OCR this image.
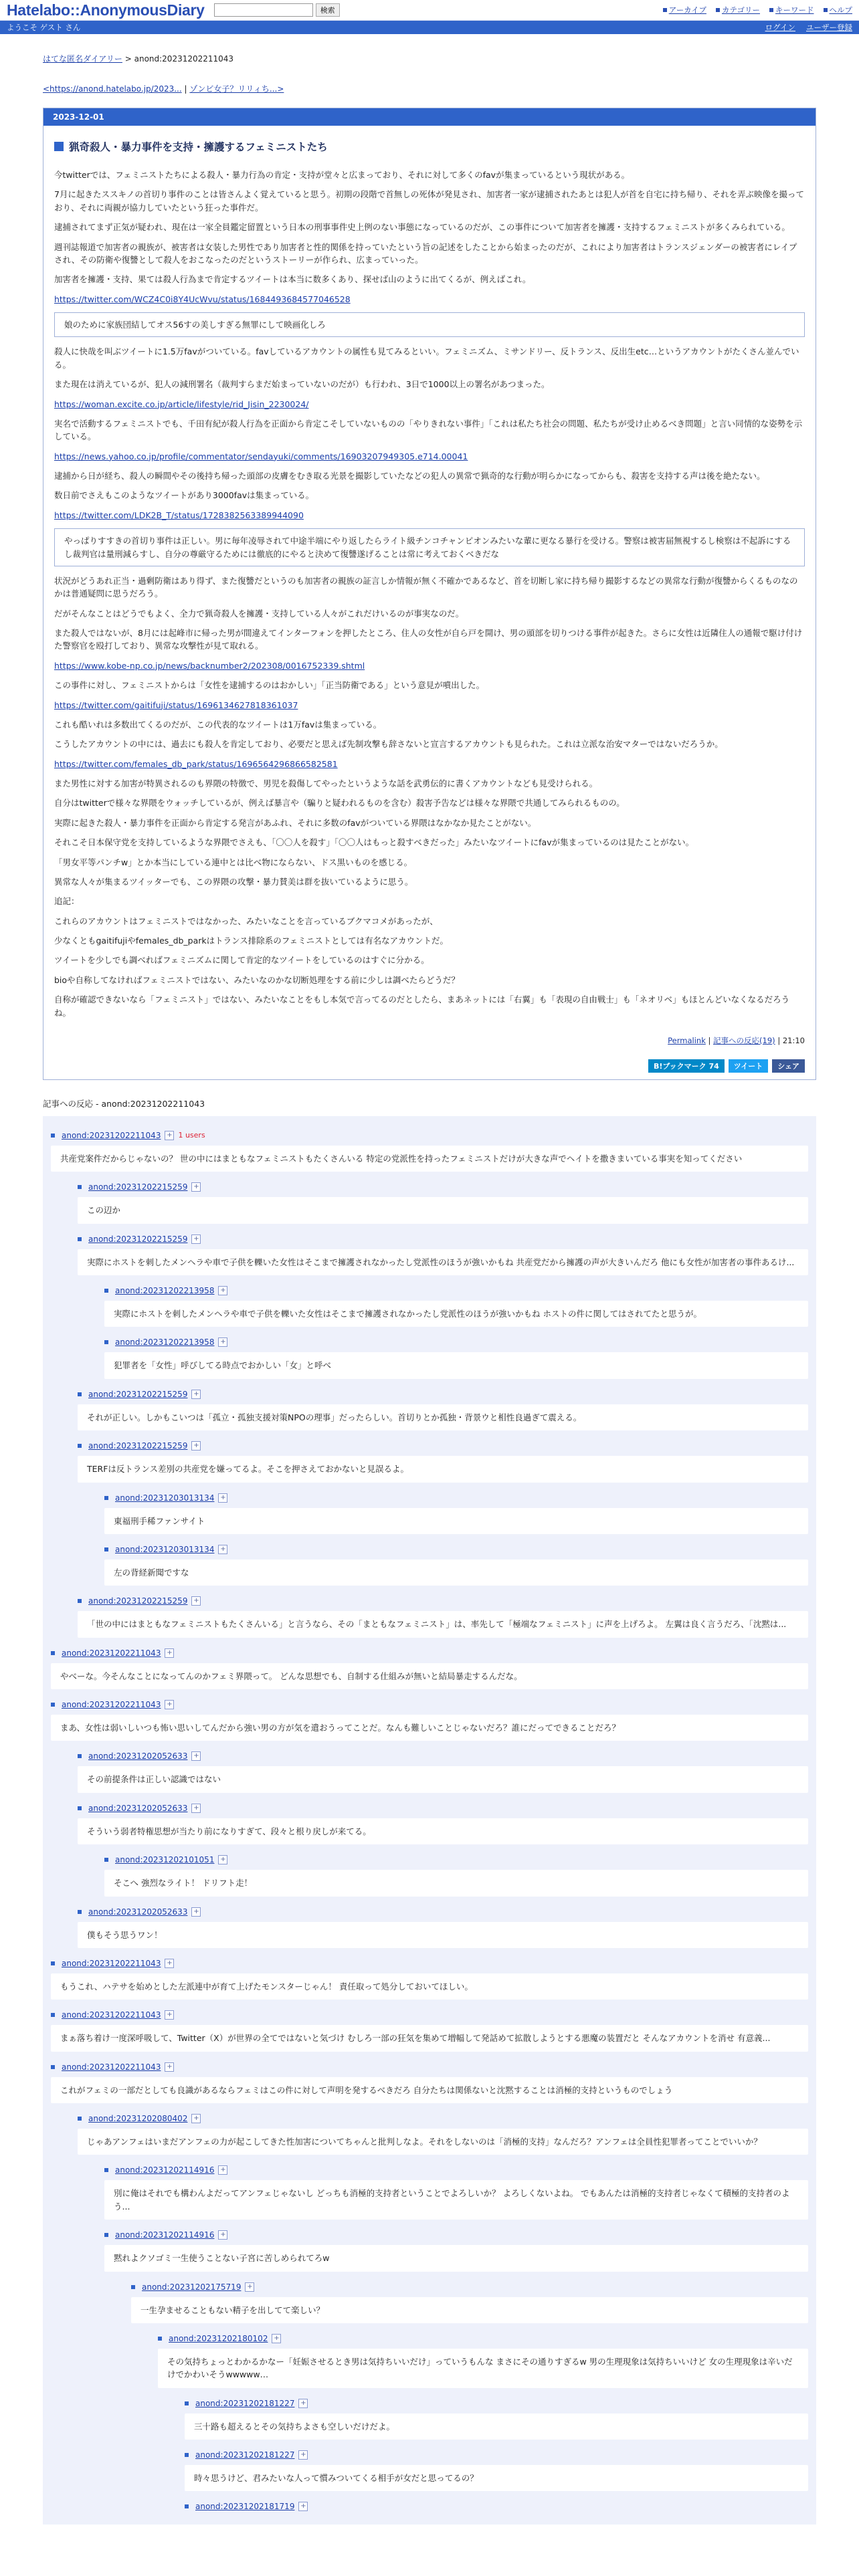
Hatelabo::AnonymousDiary	検索	アーカイブ カテゴリー キーワード ヘルプ
ようこそ ゲスト さん	ログイン ユーザー登録
はてな匿名ダイアリー > anond:20231202211043
<https://anond.hatelabo.jp/2023... | ゾンビ女子？リリィち...>
2023-12-01
猟奇殺人・暴力事件を支持・擁護するフェミニストたち

今twitterでは、フェミニストたちによる殺人・暴力行為の肯定・支持が堂々と広まっており、それに対して多くのfavが集まっているという現状がある。

7月に起きたススキノの首切り事件のことは皆さんよく覚えていると思う。初期の段階で首無しの死体が発見され、加害者一家が逮捕されたあとは犯人が首を自宅に持ち帰り、それを弄ぶ映像を撮っており、それに両親が協力していたという狂った事件だ。

逮捕されてまず正気が疑われ、現在は一家全員鑑定留置という日本の刑事事件史上例のない事態になっているのだが、この事件について加害者を擁護・支持するフェミニストが多くみられている。

週刊誌報道で加害者の親族が、被害者は女装した男性であり加害者と性的関係を持っていたという旨の記述をしたことから始まったのだが、これにより加害者はトランスジェンダーの被害者にレイプされ、その防衛や復讐として殺人をおこなったのだというストーリーが作られ、広まっていった。

加害者を擁護・支持、果ては殺人行為まで肯定するツイートは本当に数多くあり、探せば山のように出てくるが、例えばこれ。

https://twitter.com/WCZ4C0i8Y4UcWvu/status/1684493684577046528

娘のために家族団結してオス56すの美しすぎる無罪にして映画化しろ

殺人に快哉を叫ぶツイートに1.5万favがついている。favしているアカウントの属性も見てみるといい。フェミニズム、ミサンドリー、反トランス、反出生etc…というアカウントがたくさん並んでいる。

また現在は消えているが、犯人の減刑署名（裁判すらまだ始まっていないのだが）も行われ、3日で1000以上の署名があつまった。

https://woman.excite.co.jp/article/lifestyle/rid_Jisin_2230024/

実名で活動するフェミニストでも、千田有紀が殺人行為を正面から肯定こそしていないものの「やりきれない事件」「これは私たち社会の問題、私たちが受け止めるべき問題」と言い同情的な姿勢を示している。

https://news.yahoo.co.jp/profile/commentator/sendayuki/comments/16903207949305.e714.00041

逮捕から日が経ち、殺人の瞬間やその後持ち帰った頭部の皮膚をむき取る光景を撮影していたなどの犯人の異常で猟奇的な行動が明らかになってからも、殺害を支持する声は後を絶たない。

数日前でさえもこのようなツイートがあり3000favは集まっている。

https://twitter.com/LDK2B_T/status/1728382563389944090

やっぱりすすきの首切り事件は正しい。男に毎年凌辱されて中途半端にやり返したらライト級チンコチャンピオンみたいな輩に更なる暴行を受ける。警察は被害届無視するし検察は不起訴にするし裁判官は量刑減らすし、自分の尊厳守るためには徹底的にやると決めて復讐遂げることは常に考えておくべきだな

状況がどうあれ正当・過剰防衛はあり得ず、また復讐だというのも加害者の親族の証言しか情報が無く不確かであるなど、首を切断し家に持ち帰り撮影するなどの異常な行動が復讐からくるものなのかは普通疑問に思うだろう。

だがそんなことはどうでもよく、全力で猟奇殺人を擁護・支持している人々がこれだけいるのが事実なのだ。

また殺人ではないが、8月には起峰市に帰った男が間違えてインターフォンを押したところ、住人の女性が自ら戸を開け、男の頭部を切りつける事件が起きた。さらに女性は近隣住人の通報で駆け付けた警察官を殴打しており、異常な攻撃性が見て取れる。

https://www.kobe-np.co.jp/news/backnumber2/202308/0016752339.shtml

この事件に対し、フェミニストからは「女性を逮捕するのはおかしい」「正当防衛である」という意見が噴出した。

https://twitter.com/gaitifuji/status/1696134627818361037

これも酷いれは多数出てくるのだが、この代表的なツイートは1万favは集まっている。

こうしたアカウントの中には、過去にも殺人を肯定しており、必要だと思えば先制攻撃も辞さないと宣言するアカウントも見られた。これは立派な治安マターではないだろうか。

https://twitter.com/females_db_park/status/1696564296866582581

また男性に対する加害が特異されるのも界隈の特徴で、男児を殺傷してやったというような話を武勇伝的に書くアカウントなども見受けられる。

自分はtwitterで様々な界隈をウォッチしているが、例えば暴言や（騙りと疑われるものを含む）殺害予告などは様々な界隈で共通してみられるものの。

実際に起きた殺人・暴力事件を正面から肯定する発言があふれ、それに多数のfavがついている界隈はなかなか見たことがない。

それこそ日本保守党を支持しているような界隈でさえも、「〇〇人を殺す」「〇〇人はもっと殺すべきだった」みたいなツイートにfavが集まっているのは見たことがない。

「男女平等パンチw」とか本当にしている連中とは比べ物にならない、ドス黒いものを感じる。

異常な人々が集まるツイッターでも、この界隈の攻撃・暴力賛美は群を抜いているように思う。

追記：

これらのアカウントはフェミニストではなかった、みたいなことを言っているブクマコメがあったが、

少なくともgaitifujiやfemales_db_parkはトランス排除系のフェミニストとしては有名なアカウントだ。

ツイートを少しでも調べればフェミニズムに関して肯定的なツイートをしているのはすぐに分かる。

bioや自称してなければフェミニストではない、みたいなのかな切断処理をする前に少しは調べたらどうだ？

自称が確認できないなら「フェミニスト」ではない、みたいなことをもし本気で言ってるのだとしたら、まあネットには「右翼」も「表現の自由戦士」も「ネオリベ」もほとんどいなくなるだろうね。

Permalink | 記事への反応(19) | 21:10
B!ブックマーク 74	ツイート	シェア
記事への反応 - anond:20231202211043
anond:20231202211043 + 1 users
共産党案件だからじゃないの？ 世の中にはまともなフェミニストもたくさんいる 特定の党派性を持ったフェミニストだけが大きな声でヘイトを撒きまいている事実を知ってください
anond:20231202215259 +
この辺か
anond:20231202215259 +
実際にホストを刺したメンヘラや車で子供を轢いた女性はそこまで擁護されなかったし党派性のほうが強いかもね 共産党だから擁護の声が大きいんだろ 他にも女性が加害者の事件あるけ...
anond:20231202213958 +
実際にホストを刺したメンヘラや車で子供を轢いた女性はそこまで擁護されなかったし党派性のほうが強いかもね ホストの件に関してはされてたと思うが。
anond:20231202213958 +
犯罪者を「女性」呼びしてる時点でおかしい「女」と呼べ
anond:20231202215259 +
それが正しい。しかもこいつは「孤立・孤独支援対策NPOの理事」だったらしい。首切りとか孤独・背景ウと相性良過ぎて震える。
anond:20231202215259 +
TERFは反トランス差別の共産党を嫌ってるよ。そこを押さえておかないと見誤るよ。
anond:20231203013134 +
東福刑手稀ファンサイト
anond:20231203013134 +
左の背経新聞ですな
anond:20231202215259 +
「世の中にはまともなフェミニストもたくさんいる」と言うなら、その「まともなフェミニスト」は、率先して「極端なフェミニスト」に声を上げろよ。 左翼は良く言うだろ、「沈黙は...
anond:20231202211043 +
やべーな。今そんなことになってんのかフェミ界隈って。 どんな思想でも、自制する仕組みが無いと結局暴走するんだな。
anond:20231202211043 +
まあ、女性は弱いしいつも怖い思いしてんだから強い男の方が気を遣おうってことだ。なんも難しいことじゃないだろ？誰にだってできることだろ？
anond:20231202052633 +
その前提条件は正しい認識ではない
anond:20231202052633 +
そういう弱者特権思想が当たり前になりすぎて、段々と根り戻しが来てる。
anond:20231202101051 +
そこへ 強烈なライト！ ドリフト走！
anond:20231202052633 +
僕もそう思うワン！
anond:20231202211043 +
もうこれ、ハテサを始めとした左派連中が育て上げたモンスターじゃん！ 責任取って処分しておいてほしい。
anond:20231202211043 +
まぁ落ち着け一度深呼吸して、Twitter（X）が世界の全てではないと気づけ むしろ一部の狂気を集めて増幅して発話めて拡散しようとする悪魔の装置だと そんなアカウントを消せ 有意義...
anond:20231202211043 +
これがフェミの一部だとしても良識があるならフェミはこの件に対して声明を発するべきだろ 自分たちは関係ないと沈黙することは消極的支持というものでしょう
anond:20231202080402 +
じゃあアンフェはいまだアンフェの力が起こしてきた性加害についてちゃんと批判しなよ。それをしないのは「消極的支持」なんだろ？アンフェは全員性犯罪者ってことでいいか？
anond:20231202114916 +
別に俺はそれでも構わんよだってアンフェじゃないし どっちも消極的支持者ということでよろしいか？ よろしくないよね。 でもあんたは消極的支持者じゃなくて積極的支持者のよう...
anond:20231202114916 +
黙れよクソゴミ一生使うことない子宮に苦しめられてろw
anond:20231202175719 +
一生孕ませることもない精子を出してて楽しい？
anond:20231202180102 +
その気持ちょっとわかるかなー「妊娠させるとき男は気持ちいいだけ」っていうもんな まさにその通りすぎるw 男の生理現象は気持ちいいけど 女の生理現象は辛いだけでかわいそうwwwww…
anond:20231202181227 +
三十路も超えるとその気持ちよさも空しいだけだよ。
anond:20231202181227 +
時々思うけど、君みたいな人って慣みついてくる相手が女だと思ってるの？
anond:20231202181719 +
